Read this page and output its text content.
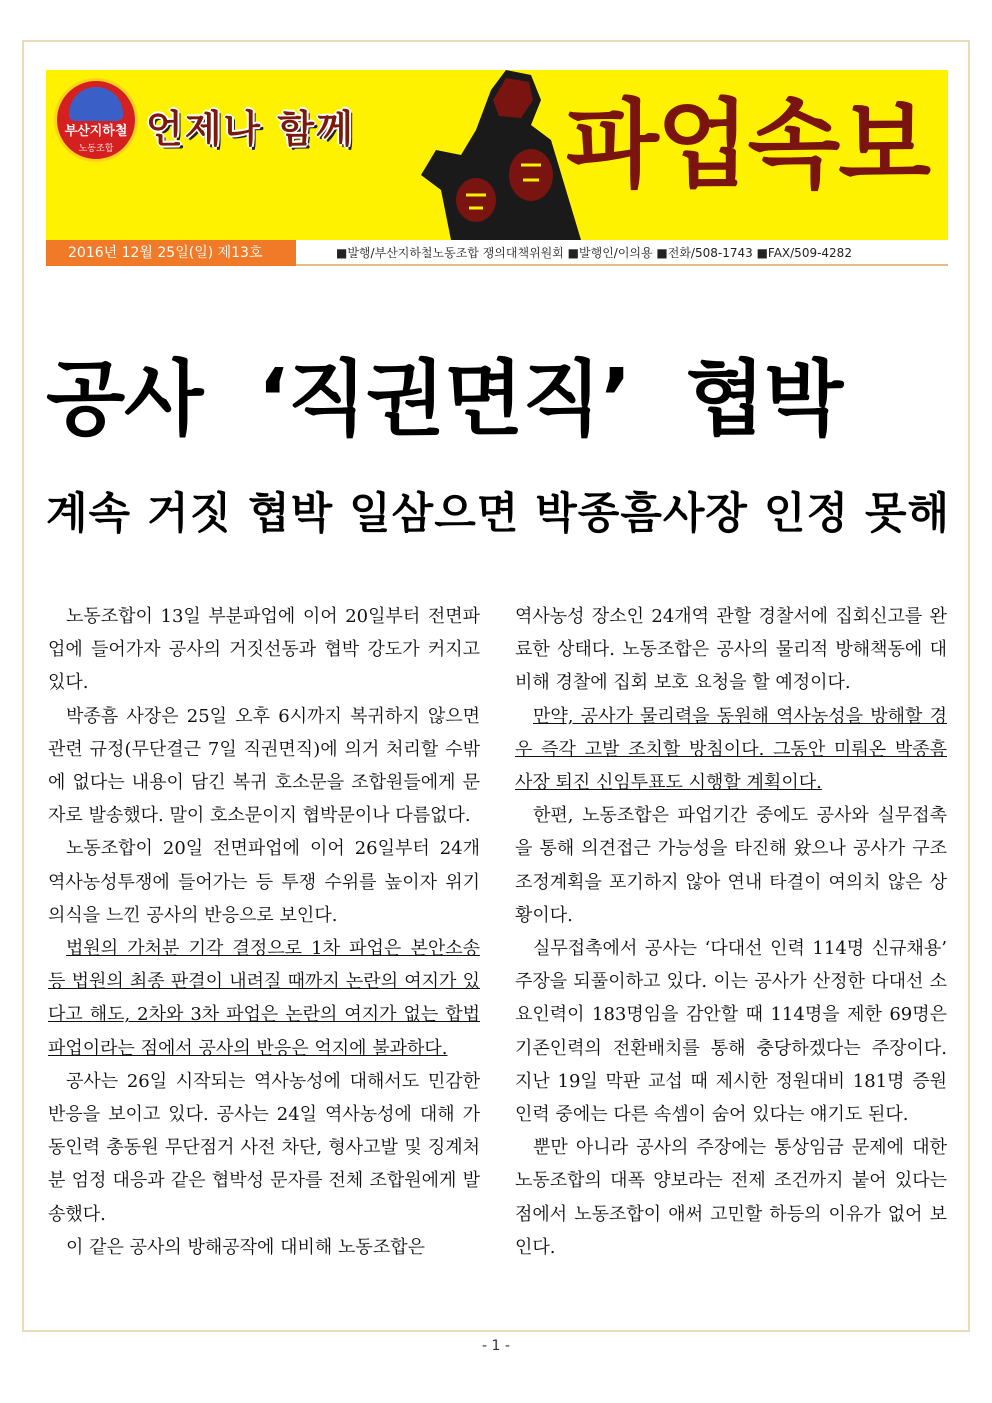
부산지하철
노동조합 언제나 함께 파업속보
2016년 12월 25일(일) 제13호	■발행/부산지하철노동조합 쟁의대책위원회 ■발행인/이의용 ■전화/508-1743 ■FAX/509-4282
공사  ‘직권면직’  협박
계속 거짓 협박 일삼으면 박종흠사장 인정 못해

노동조합이 13일 부분파업에 이어 20일부터 전면파업에 들어가자 공사의 거짓선동과 협박 강도가 커지고 있다.

박종흠 사장은 25일 오후 6시까지 복귀하지 않으면 관련 규정(무단결근 7일 직권면직)에 의거 처리할 수밖에 없다는 내용이 담긴 복귀 호소문을 조합원들에게 문자로 발송했다. 말이 호소문이지 협박문이나 다름없다.

노동조합이 20일 전면파업에 이어 26일부터 24개 역사농성투쟁에 들어가는 등 투쟁 수위를 높이자 위기의식을 느낀 공사의 반응으로 보인다.

법원의 가처분 기각 결정으로 1차 파업은 본안소송 등 법원의 최종 판결이 내려질 때까지 논란의 여지가 있다고 해도, 2차와 3차 파업은 논란의 여지가 없는 합법파업이라는 점에서 공사의 반응은 억지에 불과하다.

공사는 26일 시작되는 역사농성에 대해서도 민감한 반응을 보이고 있다. 공사는 24일 역사농성에 대해 가동인력 총동원 무단점거 사전 차단, 형사고발 및 징계처분 엄정 대응과 같은 협박성 문자를 전체 조합원에게 발송했다.

이 같은 공사의 방해공작에 대비해 노동조합은

역사농성 장소인 24개역 관할 경찰서에 집회신고를 완료한 상태다. 노동조합은 공사의 물리적 방해책동에 대비해 경찰에 집회 보호 요청을 할 예정이다.

만약, 공사가 물리력을 동원해 역사농성을 방해할 경우 즉각 고발 조치할 방침이다. 그동안 미뤄온 박종흠 사장 퇴진 신임투표도 시행할 계획이다.

한편, 노동조합은 파업기간 중에도 공사와 실무접촉을 통해 의견접근 가능성을 타진해 왔으나 공사가 구조조정계획을 포기하지 않아 연내 타결이 여의치 않은 상황이다.

실무접촉에서 공사는 ‘다대선 인력 114명 신규채용’ 주장을 되풀이하고 있다. 이는 공사가 산정한 다대선 소요인력이 183명임을 감안할 때 114명을 제한 69명은 기존인력의 전환배치를 통해 충당하겠다는 주장이다. 지난 19일 막판 교섭 때 제시한 정원대비 181명 증원 인력 중에는 다른 속셈이 숨어 있다는 얘기도 된다.

뿐만 아니라 공사의 주장에는 통상임금 문제에 대한 노동조합의 대폭 양보라는 전제 조건까지 붙어 있다는 점에서 노동조합이 애써 고민할 하등의 이유가 없어 보인다.

- 1 -
